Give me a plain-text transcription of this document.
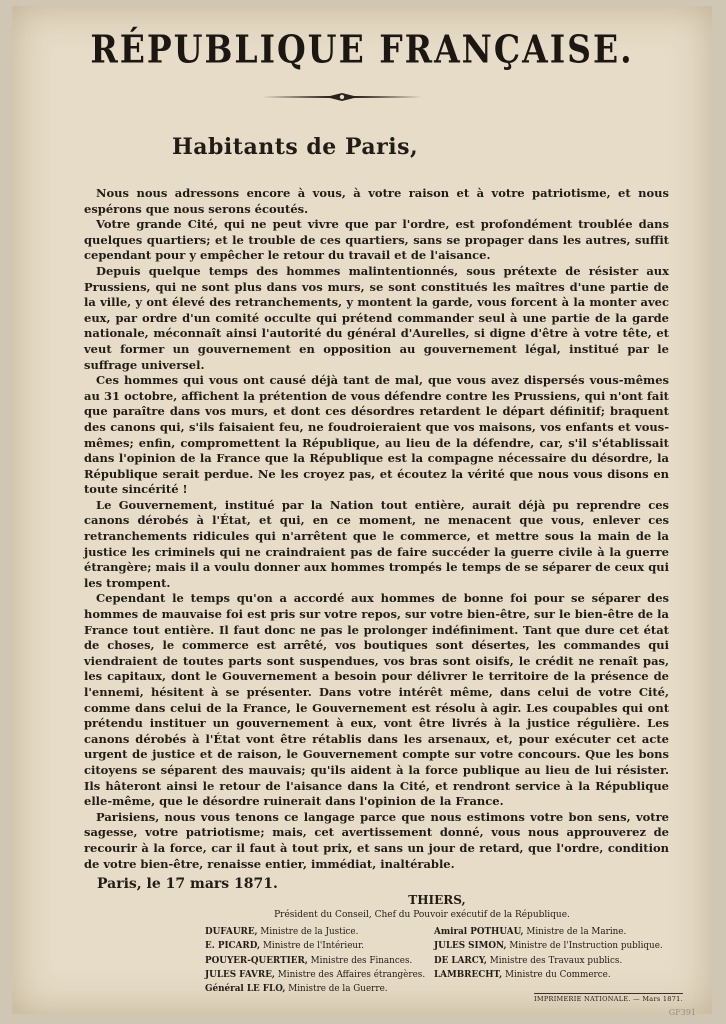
RÉPUBLIQUE FRANÇAISE.
Habitants de Paris,

Nous nous adressons encore à vous, à votre raison et à votre patriotisme, et nous espérons que nous serons écoutés.

Votre grande Cité, qui ne peut vivre que par l'ordre, est profondément troublée dans quelques quartiers; et le trouble de ces quartiers, sans se propager dans les autres, suffit cependant pour y empêcher le retour du travail et de l'aisance.

Depuis quelque temps des hommes malintentionnés, sous prétexte de résister aux Prussiens, qui ne sont plus dans vos murs, se sont constitués les maîtres d'une partie de la ville, y ont élevé des retranchements, y montent la garde, vous forcent à la monter avec eux, par ordre d'un comité occulte qui prétend commander seul à une partie de la garde nationale, méconnaît ainsi l'autorité du général d'Aurelles, si digne d'être à votre tête, et veut former un gouvernement en opposition au gouvernement légal, institué par le suffrage universel.

Ces hommes qui vous ont causé déjà tant de mal, que vous avez dispersés vous-mêmes au 31 octobre, affichent la prétention de vous défendre contre les Prussiens, qui n'ont fait que paraître dans vos murs, et dont ces désordres retardent le départ définitif; braquent des canons qui, s'ils faisaient feu, ne foudroieraient que vos maisons, vos enfants et vous-mêmes; enfin, compromettent la République, au lieu de la défendre, car, s'il s'établissait dans l'opinion de la France que la République est la compagne nécessaire du désordre, la République serait perdue. Ne les croyez pas, et écoutez la vérité que nous vous disons en toute sincérité !

Le Gouvernement, institué par la Nation tout entière, aurait déjà pu reprendre ces canons dérobés à l'État, et qui, en ce moment, ne menacent que vous, enlever ces retranchements ridicules qui n'arrêtent que le commerce, et mettre sous la main de la justice les criminels qui ne craindraient pas de faire succéder la guerre civile à la guerre étrangère; mais il a voulu donner aux hommes trompés le temps de se séparer de ceux qui les trompent.

Cependant le temps qu'on a accordé aux hommes de bonne foi pour se séparer des hommes de mauvaise foi est pris sur votre repos, sur votre bien-être, sur le bien-être de la France tout entière. Il faut donc ne pas le prolonger indéfiniment. Tant que dure cet état de choses, le commerce est arrêté, vos boutiques sont désertes, les commandes qui viendraient de toutes parts sont suspendues, vos bras sont oisifs, le crédit ne renaît pas, les capitaux, dont le Gouvernement a besoin pour délivrer le territoire de la présence de l'ennemi, hésitent à se présenter. Dans votre intérêt même, dans celui de votre Cité, comme dans celui de la France, le Gouvernement est résolu à agir. Les coupables qui ont prétendu instituer un gouvernement à eux, vont être livrés à la justice régulière. Les canons dérobés à l'État vont être rétablis dans les arsenaux, et, pour exécuter cet acte urgent de justice et de raison, le Gouvernement compte sur votre concours. Que les bons citoyens se séparent des mauvais; qu'ils aident à la force publique au lieu de lui résister. Ils hâteront ainsi le retour de l'aisance dans la Cité, et rendront service à la République elle-même, que le désordre ruinerait dans l'opinion de la France.

Parisiens, nous vous tenons ce langage parce que nous estimons votre bon sens, votre sagesse, votre patriotisme; mais, cet avertissement donné, vous nous approuverez de recourir à la force, car il faut à tout prix, et sans un jour de retard, que l'ordre, condition de votre bien-être, renaisse entier, immédiat, inaltérable.

Paris, le 17 mars 1871.
THIERS,
Président du Conseil, Chef du Pouvoir exécutif de la République.
DUFAURE, Ministre de la Justice.
E. PICARD, Ministre de l'Intérieur.
POUYER-QUERTIER, Ministre des Finances.
JULES FAVRE, Ministre des Affaires étrangères.
Général LE FLO, Ministre de la Guerre.
Amiral POTHUAU, Ministre de la Marine.
JULES SIMON, Ministre de l'Instruction publique.
DE LARCY, Ministre des Travaux publics.
LAMBRECHT, Ministre du Commerce.
IMPRIMERIE NATIONALE. — Mars 1871.
GF391
